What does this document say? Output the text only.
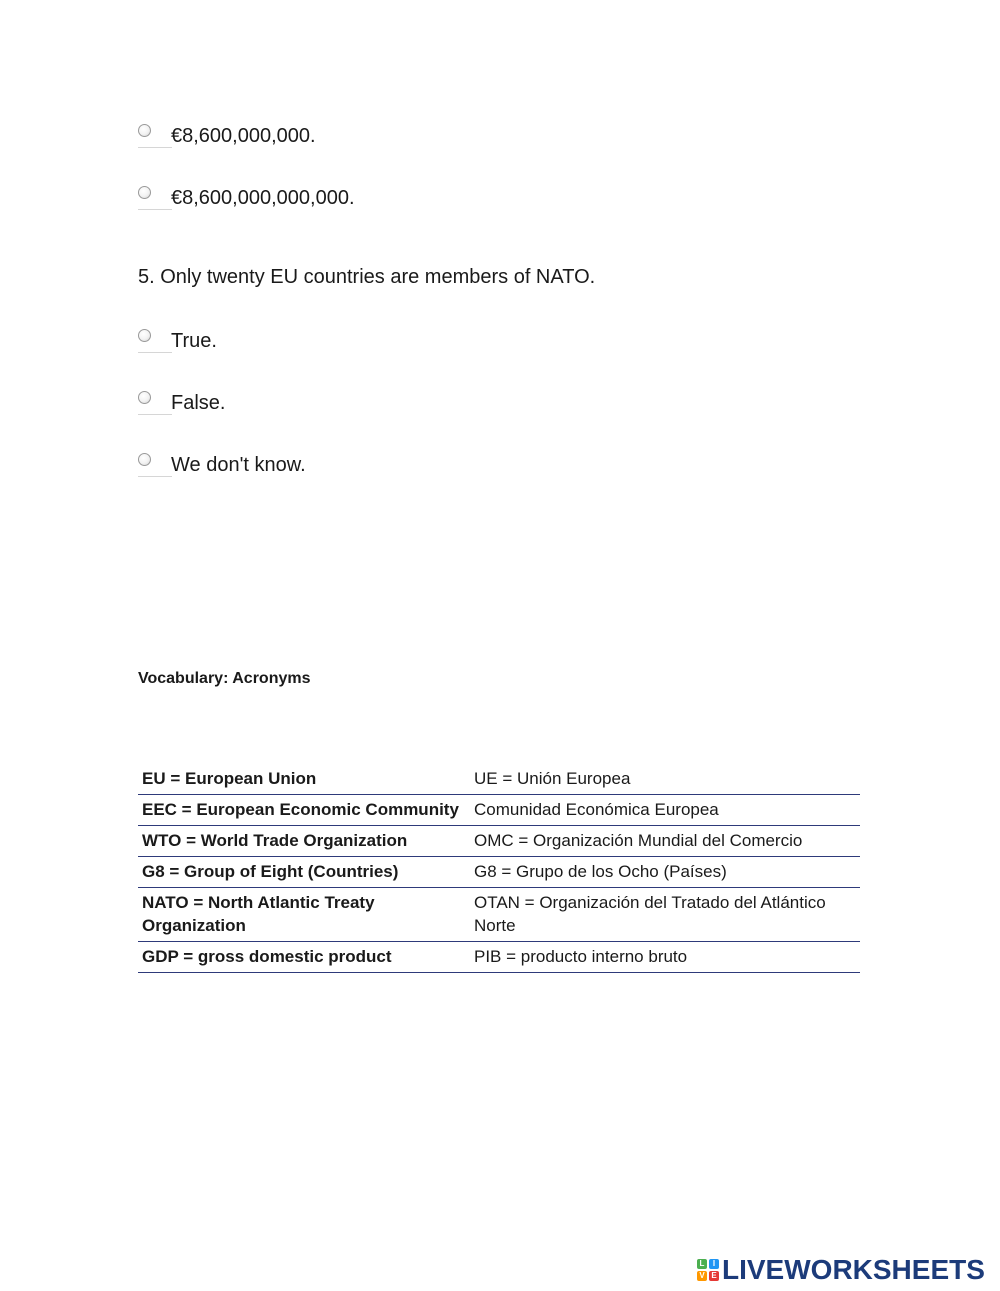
€8,600,000,000.
€8,600,000,000,000.
5. Only twenty EU countries are members of NATO.
True.
False.
We don't know.
Vocabulary: Acronyms
EU = European Union	UE = Unión Europea
EEC = European Economic Community	Comunidad Económica Europea
WTO = World Trade Organization	OMC = Organización Mundial del Comercio
G8 = Group of Eight (Countries)	G8 = Grupo de los Ocho (Países)
NATO = North Atlantic Treaty Organization	OTAN = Organización del Tratado del Atlántico Norte
GDP = gross domestic product	PIB = producto interno bruto
L	I
V E LIVEWORKSHEETS
